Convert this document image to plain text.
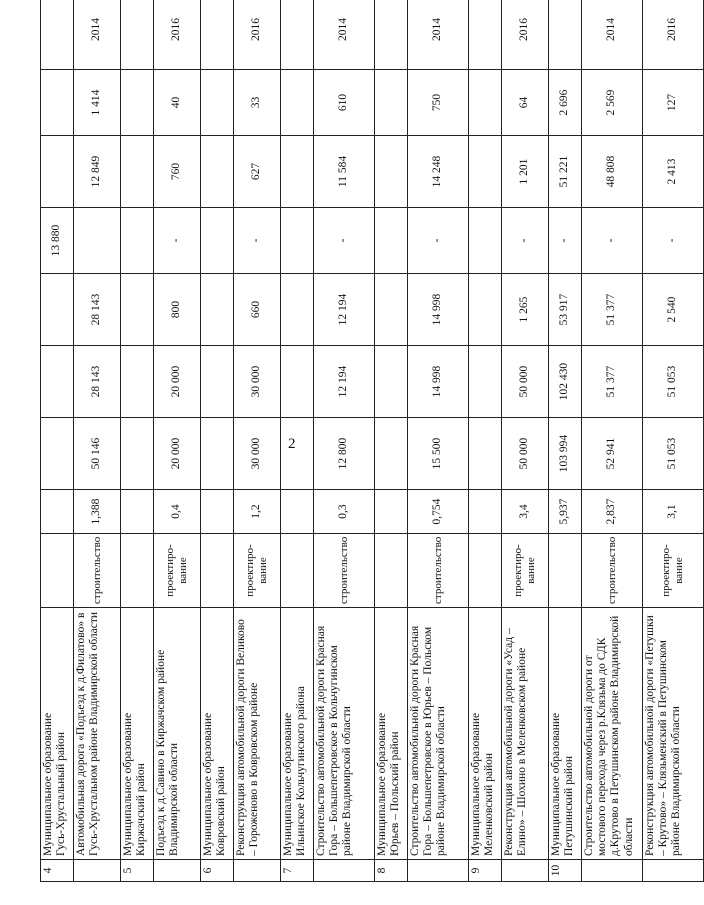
2
4	Муниципальное образование
Гусь-Хрустальный район						13 880			
	Автомобильная дорога «Подъезд к д.Филатово» в Гусь-Хрустальном районе Владимирской области	строительство	1,388	50 146	28 143	28 143		12 849	1 414	2014
5	Муниципальное образование
Киржачский район									
	Подъезд к д.Савино в Киржачском районе Владимирской области	проектиро-
вание	0,4	20 000	20 000	800	-	760	40	2016
6	Муниципальное образование
Ковровский район									
	Реконструкция автомобильной дороги Великово – Гороженово в Ковровском районе	проектиро-
вание	1,2	30 000	30 000	660	-	627	33	2016
7	Муниципальное образование
Ильинское Кольчугинского района									
	Строительство автомобильной дороги Красная Гора – Большепетровское в Кольчугинском районе Владимирской области	строительство	0,3	12 800	12 194	12 194	-	11 584	610	2014
8	Муниципальное образование
Юрьев – Польский район									
	Строительство автомобильной дороги Красная Гора – Большепетровское в Юрьев – Польском районе Владимирской области	строительство	0,754	15 500	14 998	14 998	-	14 248	750	2014
9	Муниципальное образование
Меленковский район									
	Реконструкция автомобильной дороги «Усад – Елино» – Шохино в Меленковском районе	проектиро-
вание	3,4	50 000	50 000	1 265	-	1 201	64	2016
10	Муниципальное образование
Петушинский район		5,937	103 994	102 430	53 917	-	51 221	2 696	
	Строительство автомобильной дороги от мостового перехода через р.Клязьма до СДК д.Крутово в Петушинском районе Владимирской области	строительство	2,837	52 941	51 377	51 377	-	48 808	2 569	2014
	Реконструкция автомобильной дороги «Петушки – Крутово» – Клязьменский в Петушинском районе Владимирской области	проектиро-
вание	3,1	51 053	51 053	2 540	-	2 413	127	2016
